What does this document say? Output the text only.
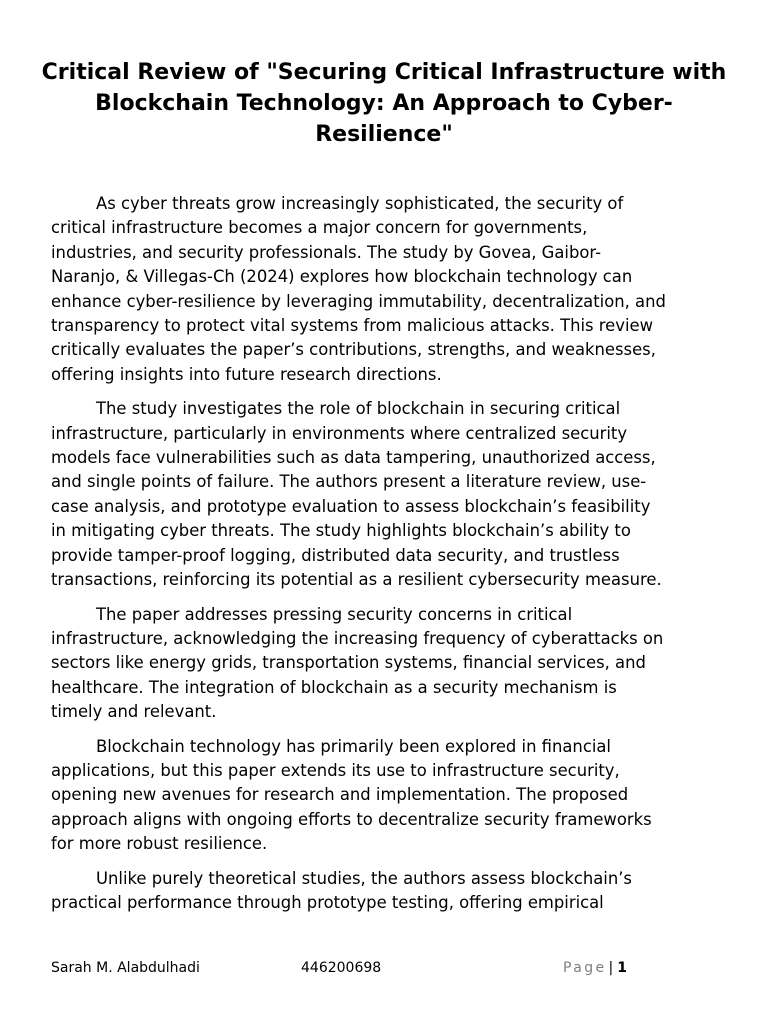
Critical Review of "Securing Critical Infrastructure with Blockchain Technology: An Approach to Cyber-Resilience"

As cyber threats grow increasingly sophisticated, the security of
critical infrastructure becomes a major concern for governments,
industries, and security professionals. The study by Govea, Gaibor-
Naranjo, & Villegas-Ch (2024) explores how blockchain technology can
enhance cyber-resilience by leveraging immutability, decentralization, and
transparency to protect vital systems from malicious attacks. This review
critically evaluates the paper’s contributions, strengths, and weaknesses,
offering insights into future research directions.

The study investigates the role of blockchain in securing critical
infrastructure, particularly in environments where centralized security
models face vulnerabilities such as data tampering, unauthorized access,
and single points of failure. The authors present a literature review, use-
case analysis, and prototype evaluation to assess blockchain’s feasibility
in mitigating cyber threats. The study highlights blockchain’s ability to
provide tamper-proof logging, distributed data security, and trustless
transactions, reinforcing its potential as a resilient cybersecurity measure.

The paper addresses pressing security concerns in critical
infrastructure, acknowledging the increasing frequency of cyberattacks on
sectors like energy grids, transportation systems, financial services, and
healthcare. The integration of blockchain as a security mechanism is
timely and relevant.

Blockchain technology has primarily been explored in financial
applications, but this paper extends its use to infrastructure security,
opening new avenues for research and implementation. The proposed
approach aligns with ongoing efforts to decentralize security frameworks
for more robust resilience.

Unlike purely theoretical studies, the authors assess blockchain’s
practical performance through prototype testing, offering empirical

Sarah M. Alabdulhadi	446200698	Page | 1
